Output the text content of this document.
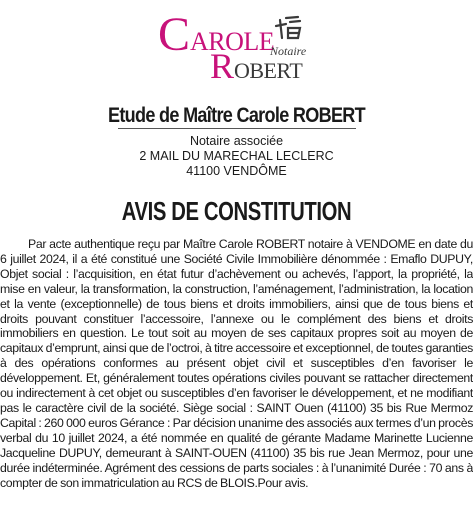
C AROLE
Notaire
R OBERT
Etude de Maître Carole ROBERT
Notaire associée
2 MAIL DU MARECHAL LECLERC
41100 VENDÔME
AVIS DE CONSTITUTION
Par acte authentique reçu par Maître Carole ROBERT notaire à VENDOME en date du 6 juillet 2024, il a été constitué une Société Civile Immobilière dénommée : Emaflo DUPUY, Objet social : l’acquisition, en état futur d’achèvement ou achevés, l’apport, la propriété, la mise en valeur, la transformation, la construction, l’aménagement, l’administration, la location et la vente (exceptionnelle) de tous biens et droits immobiliers, ainsi que de tous biens et droits pouvant constituer l’accessoire, l’annexe ou le complément des biens et droits immobiliers en question. Le tout soit au moyen de ses capitaux propres soit au moyen de capitaux d’emprunt, ainsi que de l’octroi, à titre accessoire et exceptionnel, de toutes garanties à des opérations conformes au présent objet civil et susceptibles d’en favoriser le développement. Et, généralement toutes opérations civiles pouvant se rattacher directement ou indirectement à cet objet ou susceptibles d’en favoriser le développement, et ne modifiant pas le caractère civil de la société. Siège social : SAINT Ouen (41100) 35 bis Rue Mermoz Capital : 260 000 euros Gérance : Par décision unanime des associés aux termes d’un procès verbal du 10 juillet 2024, a été nommée en qualité de gérante Madame Marinette Lucienne Jacqueline DUPUY, demeurant à SAINT-OUEN (41100) 35 bis rue Jean Mermoz, pour une durée indéterminée. Agrément des cessions de parts sociales : à l’unanimité Durée : 70 ans à compter de son immatriculation au RCS de BLOIS.Pour avis.
